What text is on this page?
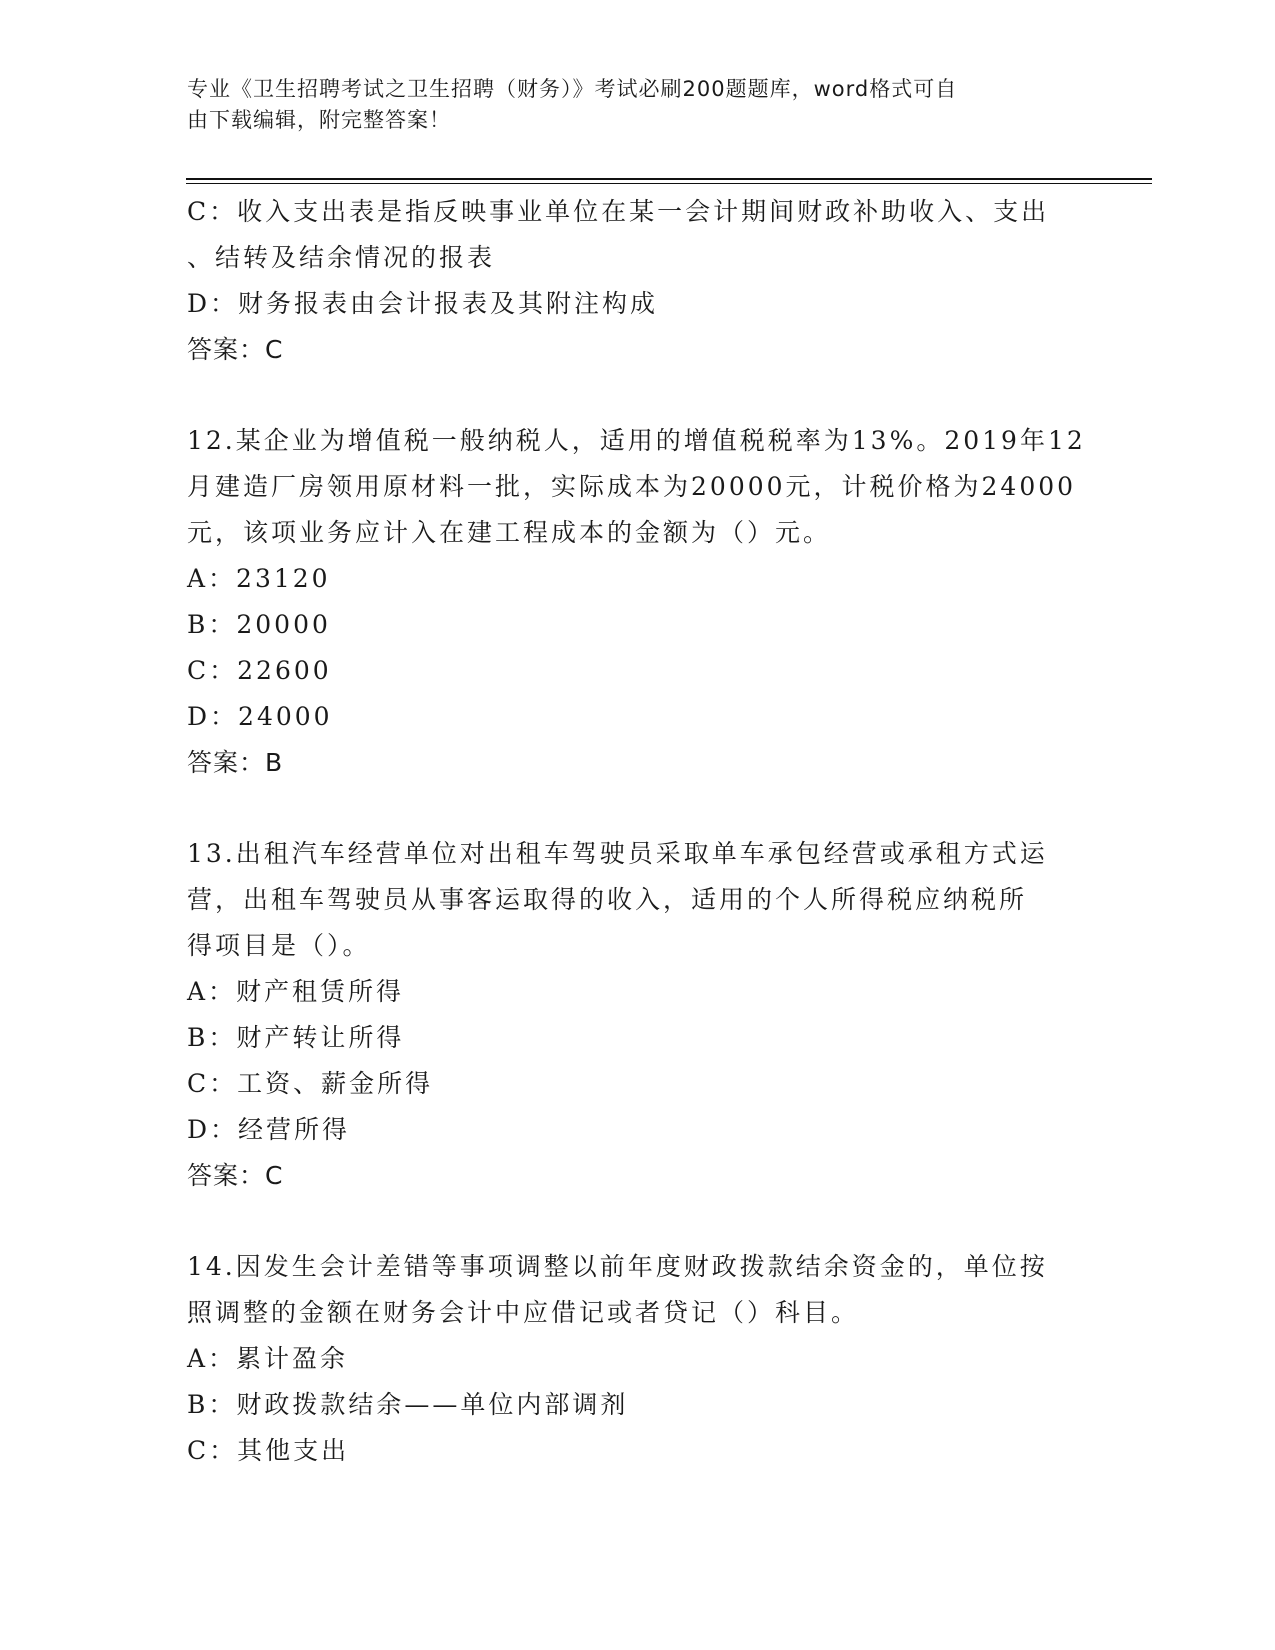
专业《卫生招聘考试之卫生招聘（财务）》考试必刷200题题库，word格式可自
由下载编辑，附完整答案！

C：收入支出表是指反映事业单位在某一会计期间财政补助收入、支出

、结转及结余情况的报表

D：财务报表由会计报表及其附注构成

答案：C

12.某企业为增值税一般纳税人，适用的增值税税率为13%。2019年12

月建造厂房领用原材料一批，实际成本为20000元，计税价格为24000

元，该项业务应计入在建工程成本的金额为（）元。

A：23120

B：20000

C：22600

D：24000

答案：B

13.出租汽车经营单位对出租车驾驶员采取单车承包经营或承租方式运

营，出租车驾驶员从事客运取得的收入，适用的个人所得税应纳税所

得项目是（）。

A：财产租赁所得

B：财产转让所得

C：工资、薪金所得

D：经营所得

答案：C

14.因发生会计差错等事项调整以前年度财政拨款结余资金的，单位按

照调整的金额在财务会计中应借记或者贷记（）科目。

A：累计盈余

B：财政拨款结余——单位内部调剂

C：其他支出
